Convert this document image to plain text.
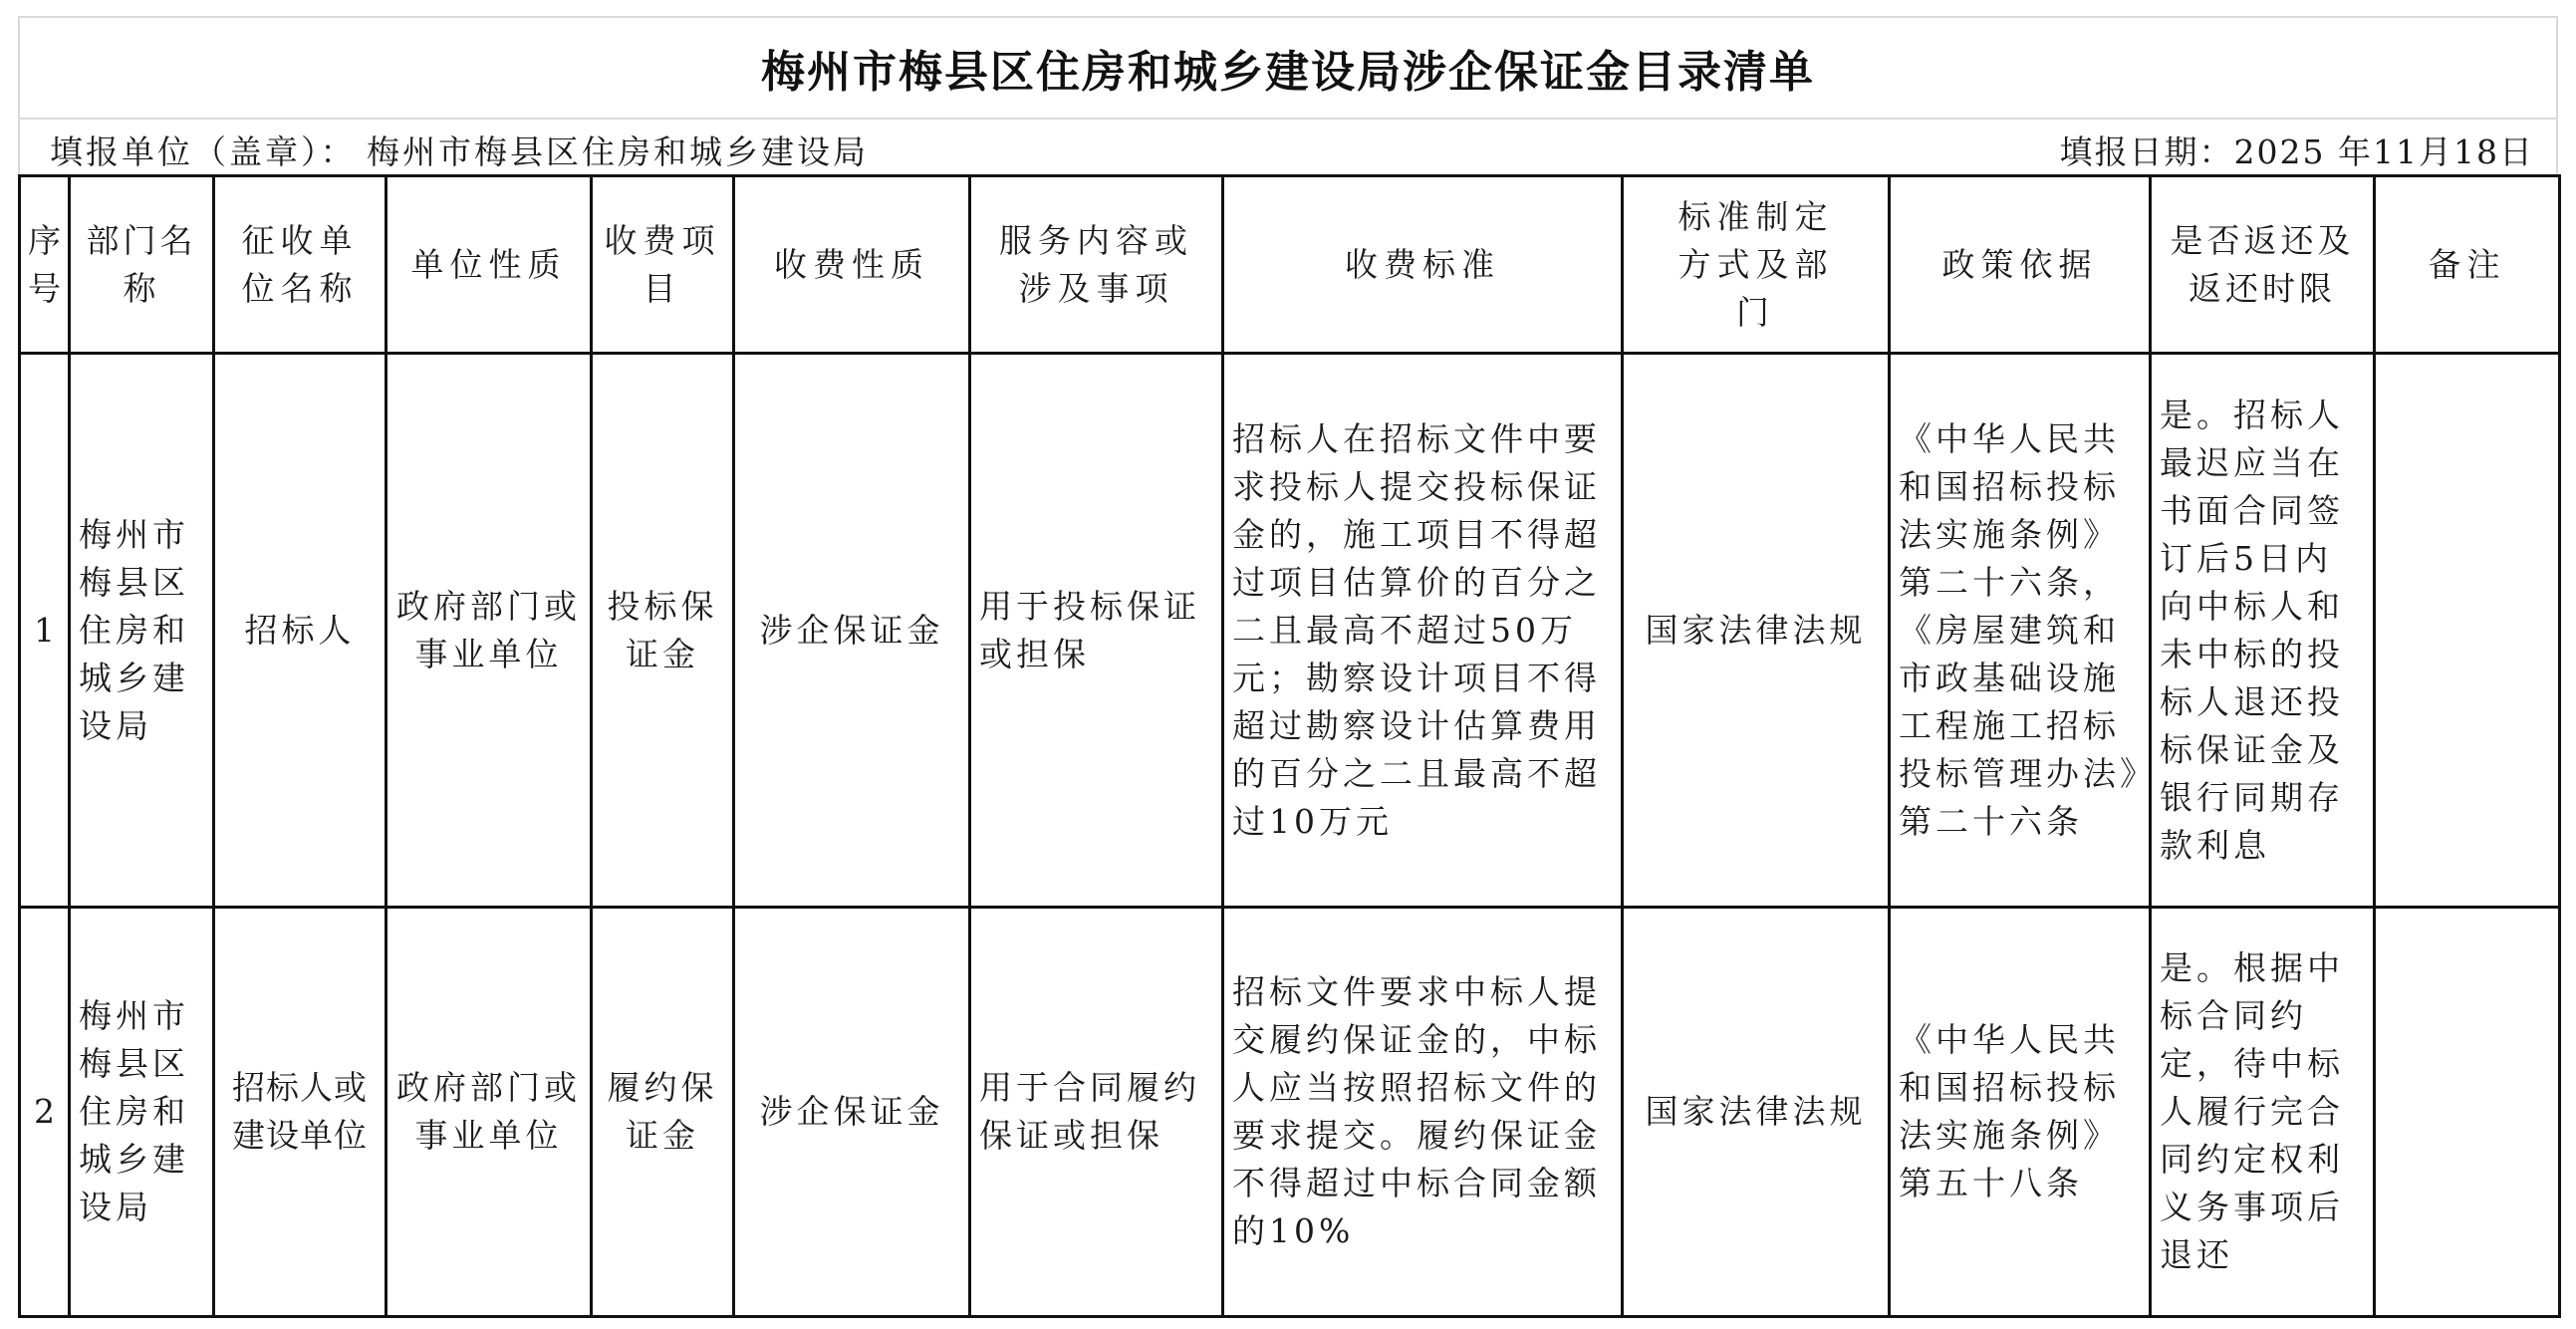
梅州市梅县区住房和城乡建设局涉企保证金目录清单
填报单位（盖章）： 梅州市梅县区住房和城乡建设局	填报日期：2025 年11月18日
序号	部门名称	征收单位名称	单位性质	收费项目	收费性质	服务内容或涉及事项	收费标准	标准制定方式及部门	政策依据	是否返还及返还时限	备注
1	梅州市梅县区住房和城乡建设局	招标人	政府部门或事业单位	投标保证金	涉企保证金	用于投标保证或担保	招标人在招标文件中要求投标人提交投标保证金的，施工项目不得超过项目估算价的百分之二且最高不超过50万元；勘察设计项目不得超过勘察设计估算费用的百分之二且最高不超过10万元	国家法律法规	《中华人民共和国招标投标法实施条例》第二十六条，《房屋建筑和市政基础设施工程施工招标投标管理办法》第二十六条	是。招标人最迟应当在书面合同签订后5日内向中标人和未中标的投标人退还投标保证金及银行同期存款利息	
2	梅州市梅县区住房和城乡建设局	招标人或建设单位	政府部门或事业单位	履约保证金	涉企保证金	用于合同履约保证或担保	招标文件要求中标人提交履约保证金的，中标人应当按照招标文件的要求提交。履约保证金不得超过中标合同金额的10%	国家法律法规	《中华人民共和国招标投标法实施条例》第五十八条	是。根据中标合同约定，待中标人履行完合同约定权利义务事项后退还	
